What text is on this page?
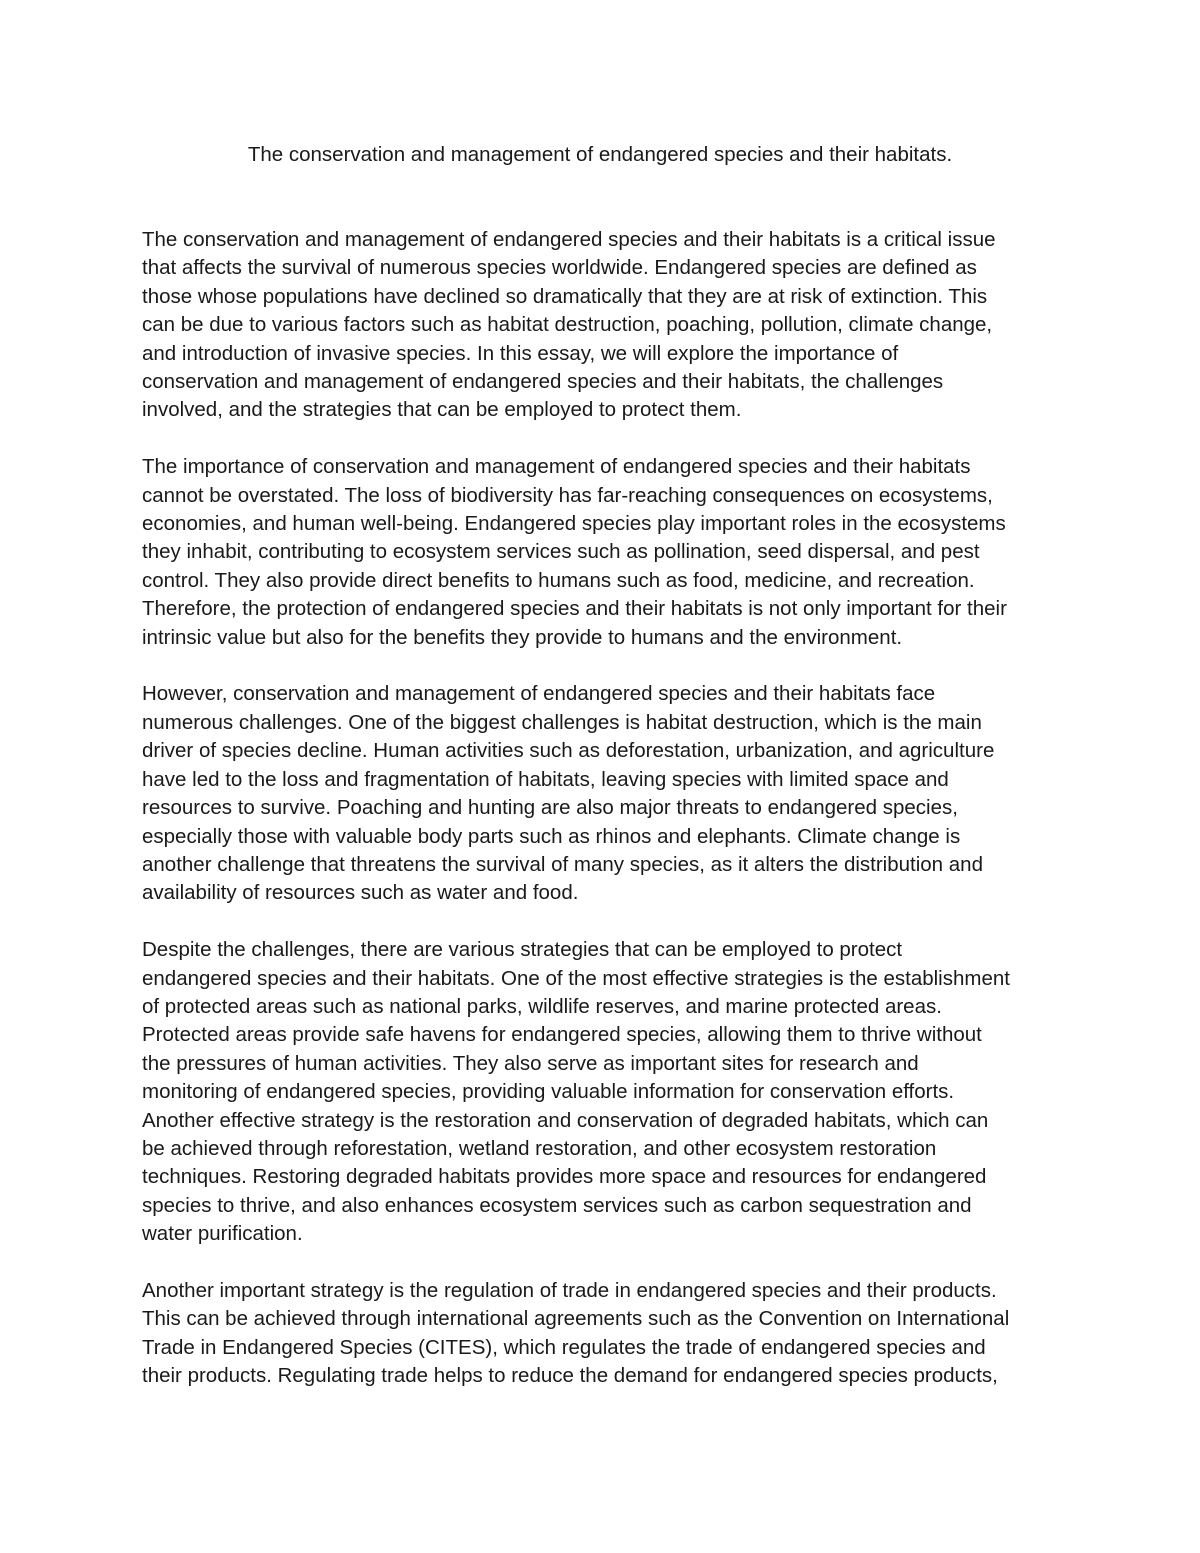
The conservation and management of endangered species and their habitats.

The conservation and management of endangered species and their habitats is a critical issue
that affects the survival of numerous species worldwide. Endangered species are defined as
those whose populations have declined so dramatically that they are at risk of extinction. This
can be due to various factors such as habitat destruction, poaching, pollution, climate change,
and introduction of invasive species. In this essay, we will explore the importance of
conservation and management of endangered species and their habitats, the challenges
involved, and the strategies that can be employed to protect them.

The importance of conservation and management of endangered species and their habitats
cannot be overstated. The loss of biodiversity has far-reaching consequences on ecosystems,
economies, and human well-being. Endangered species play important roles in the ecosystems
they inhabit, contributing to ecosystem services such as pollination, seed dispersal, and pest
control. They also provide direct benefits to humans such as food, medicine, and recreation.
Therefore, the protection of endangered species and their habitats is not only important for their
intrinsic value but also for the benefits they provide to humans and the environment.

However, conservation and management of endangered species and their habitats face
numerous challenges. One of the biggest challenges is habitat destruction, which is the main
driver of species decline. Human activities such as deforestation, urbanization, and agriculture
have led to the loss and fragmentation of habitats, leaving species with limited space and
resources to survive. Poaching and hunting are also major threats to endangered species,
especially those with valuable body parts such as rhinos and elephants. Climate change is
another challenge that threatens the survival of many species, as it alters the distribution and
availability of resources such as water and food.

Despite the challenges, there are various strategies that can be employed to protect
endangered species and their habitats. One of the most effective strategies is the establishment
of protected areas such as national parks, wildlife reserves, and marine protected areas.
Protected areas provide safe havens for endangered species, allowing them to thrive without
the pressures of human activities. They also serve as important sites for research and
monitoring of endangered species, providing valuable information for conservation efforts.
Another effective strategy is the restoration and conservation of degraded habitats, which can
be achieved through reforestation, wetland restoration, and other ecosystem restoration
techniques. Restoring degraded habitats provides more space and resources for endangered
species to thrive, and also enhances ecosystem services such as carbon sequestration and
water purification.

Another important strategy is the regulation of trade in endangered species and their products.
This can be achieved through international agreements such as the Convention on International
Trade in Endangered Species (CITES), which regulates the trade of endangered species and
their products. Regulating trade helps to reduce the demand for endangered species products,
